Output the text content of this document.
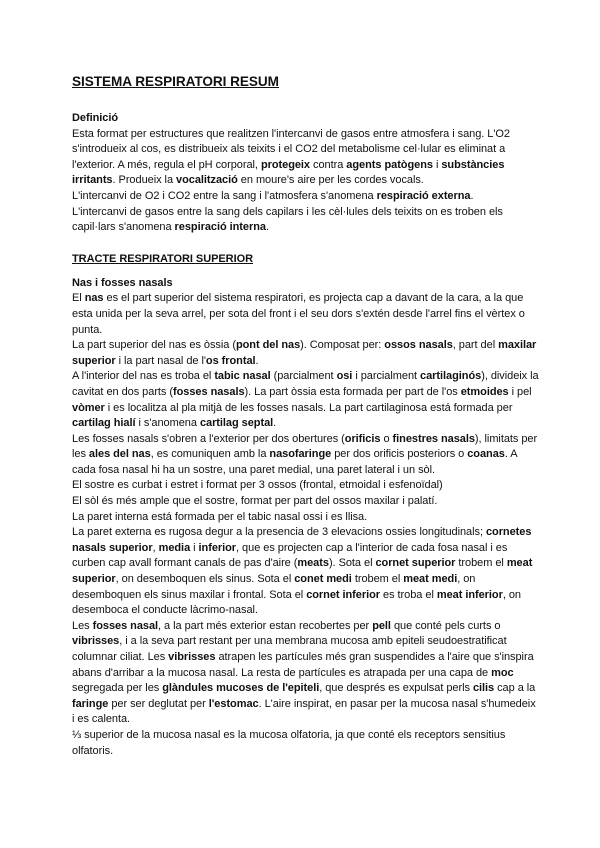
SISTEMA RESPIRATORI RESUM
Definició

Esta format per estructures que realitzen l'intercanvi de gasos entre atmosfera i sang. L'O2 s'introdueix al cos, es distribueix als teixits i el CO2 del metabolisme cel·lular es eliminat a l'exterior. A més, regula el pH corporal, protegeix contra agents patògens i substàncies irritants. Produeix la vocalització en moure's aire per les cordes vocals.

L'intercanvi de O2 i CO2 entre la sang i l'atmosfera s'anomena respiració externa.

L'intercanvi de gasos entre la sang dels capilars i les cèl·lules dels teixits on es troben els capil·lars s'anomena respiració interna.

TRACTE RESPIRATORI SUPERIOR
Nas i fosses nasals

El nas es el part superior del sistema respiratori, es projecta cap a davant de la cara, a la que esta unida per la seva arrel, per sota del front i el seu dors s'extén desde l'arrel fins el vèrtex o punta.

La part superior del nas es òssia (pont del nas). Composat per: ossos nasals, part del maxilar superior i la part nasal de l'os frontal.

A l'interior del nas es troba el tabic nasal (parcialment osi i parcialment cartilaginós), divideix la cavitat en dos parts (fosses nasals). La part òssia esta formada per part de l'os etmoides i pel vòmer i es localitza al pla mitjà de les fosses nasals. La part cartilaginosa está formada per cartilag hialí i s'anomena cartilag septal.

Les fosses nasals s'obren a l'exterior per dos obertures (orificis o finestres nasals), limitats per les ales del nas, es comuniquen amb la nasofaringe per dos orificis posteriors o coanas. A cada fosa nasal hi ha un sostre, una paret medial, una paret lateral i un sòl.

El sostre es curbat i estret i format per 3 ossos (frontal, etmoidal i esfenoïdal)

El sòl és més ample que el sostre, format per part del ossos maxilar i palatí.

La paret interna está formada per el tabic nasal ossi i es llisa.

La paret externa es rugosa degur a la presencia de 3 elevacions ossies longitudinals; cornetes nasals superior, media i inferior, que es projecten cap a l'interior de cada fosa nasal i es curben cap avall formant canals de pas d'aire (meats). Sota el cornet superior trobem el meat superior, on desemboquen els sinus. Sota el conet medi trobem el meat medi, on desemboquen els sinus maxilar i frontal. Sota el cornet inferior es troba el meat inferior, on desemboca el conducte làcrimo-nasal.

Les fosses nasal, a la part més exterior estan recobertes per pell que conté pels curts o vibrisses, i a la seva part restant per una membrana mucosa amb epiteli seudoestratificat columnar ciliat. Les vibrisses atrapen les partícules més gran suspendides a l'aire que s'inspira abans d'arribar a la mucosa nasal. La resta de partícules es atrapada per una capa de moc segregada per les glàndules mucoses de l'epiteli, que després es expulsat perls cilis cap a la faringe per ser deglutat per l'estomac. L'aire inspirat, en pasar per la mucosa nasal s'humedeix i es calenta.

⅓ superior de la mucosa nasal es la mucosa olfatoria, ja que conté els receptors sensitius olfatoris.
